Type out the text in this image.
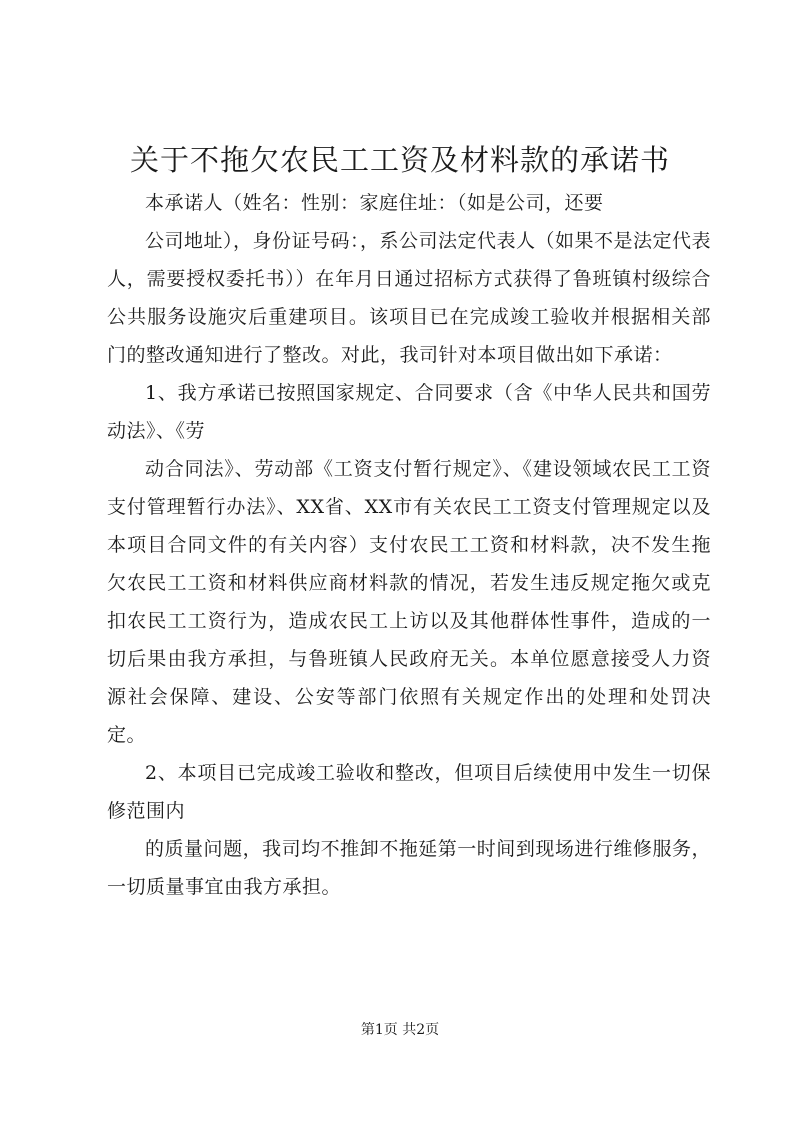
关于不拖欠农民工工资及材料款的承诺书

本承诺人（姓名：性别：家庭住址：（如是公司，还要

公司地址），身份证号码：，系公司法定代表人（如果不是法定代表人，需要授权委托书））在年月日通过招标方式获得了鲁班镇村级综合公共服务设施灾后重建项目。该项目已在完成竣工验收并根据相关部门的整改通知进行了整改。对此，我司针对本项目做出如下承诺：

1、我方承诺已按照国家规定、合同要求（含《中华人民共和国劳动法》、《劳

动合同法》、劳动部《工资支付暂行规定》、《建设领域农民工工资支付管理暂行办法》、XX省、XX市有关农民工工资支付管理规定以及本项目合同文件的有关内容）支付农民工工资和材料款，决不发生拖欠农民工工资和材料供应商材料款的情况，若发生违反规定拖欠或克扣农民工工资行为，造成农民工上访以及其他群体性事件，造成的一切后果由我方承担，与鲁班镇人民政府无关。本单位愿意接受人力资源社会保障、建设、公安等部门依照有关规定作出的处理和处罚决定。

2、本项目已完成竣工验收和整改，但项目后续使用中发生一切保修范围内

的质量问题，我司均不推卸不拖延第一时间到现场进行维修服务，一切质量事宜由我方承担。

第1页 共2页
